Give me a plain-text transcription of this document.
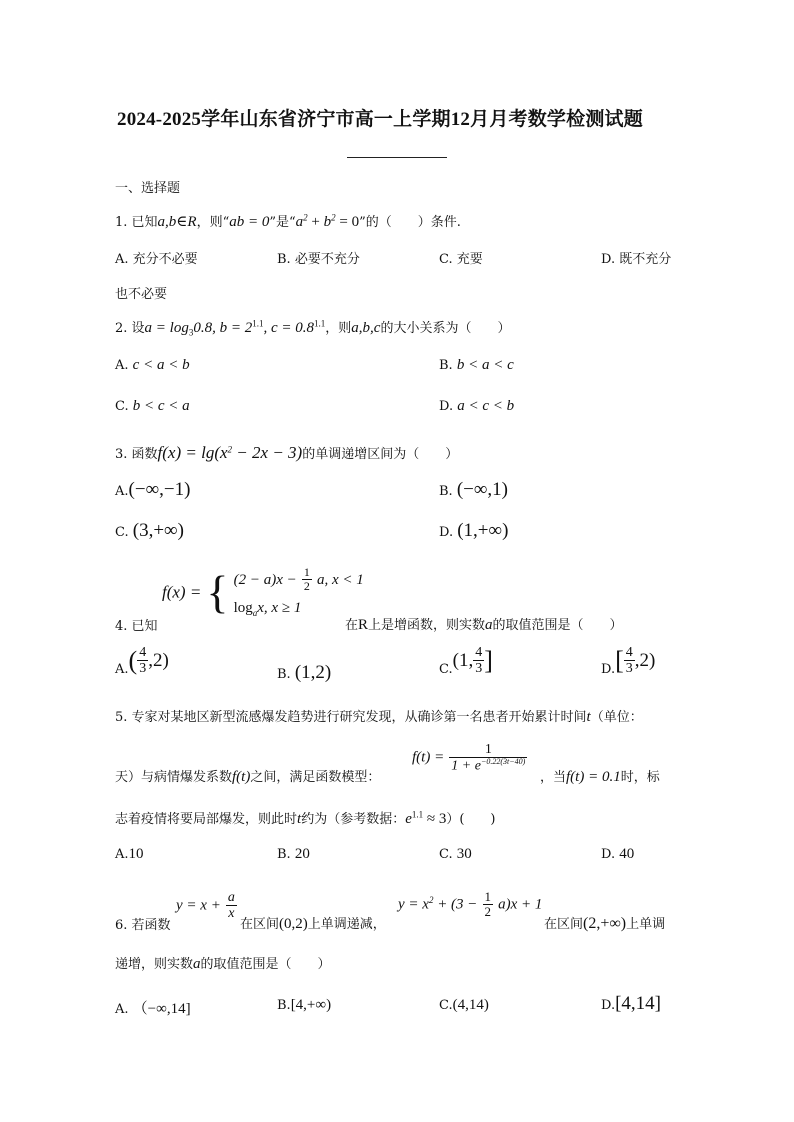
2024-2025学年山东省济宁市高一上学期12月月考数学检测试题
一、选择题
1. 已知a,b∈R，则“ab = 0”是“$a^2 + b^2 = 0$”的（　　）条件.
A. 充分不必要	B. 必要不充分	C. 充要	D. 既不充分
也不必要
2. 设$a = \log_30.8$, $b = 2^{1.1}$, $c = 0.8^{1.1}$，则a,b,c的大小关系为（　　）
A. c < a < b	B. b < a < c
C. b < c < a	D. a < c < b
3. 函数$f(x) = \lg(x^2 - 2x - 3)$的单调递增区间为（　　）
A.(−∞,−1)	B. (−∞,1)
C. (3,+∞)	D. (1,+∞)
4. 已知
f(x) = { $(2 - a)x - \frac{1}{2} a$, x < 1
$\log_ax$, x ≥ 1
在R上是增函数，则实数a的取值范围是（　　）
$A.( \frac{4}{3} ,2)$
B. (1,2)	C.(1, $\frac{4}{3}$ ]	$D.[ \frac{4}{3} ,2)$
5. 专家对某地区新型流感爆发趋势进行研究发现，从确诊第一名患者开始累计时间t（单位：
天）与病情爆发系数f(t)之间，满足函数模型：
$f(t) = \frac{1}{1 + e^{-0.22(3t-40)}}$
，当f(t) = 0.1时，标
志着疫情将要局部爆发，则此时t约为（参考数据：$e^{1.1} \approx 3$）(　　)
A.10	B. 20	C. 30	D. 40
6. 若函数
$y = x + \frac{a}{x}$
在区间(0,2)上单调递减，
$y = x^2 + (3 - \frac{1}{2} a)x + 1$
在区间(2,+∞)上单调
递增，则实数a的取值范围是（　　）
A. （−∞,14]	B.[4,+∞)	C.(4,14)	D.[4,14]
